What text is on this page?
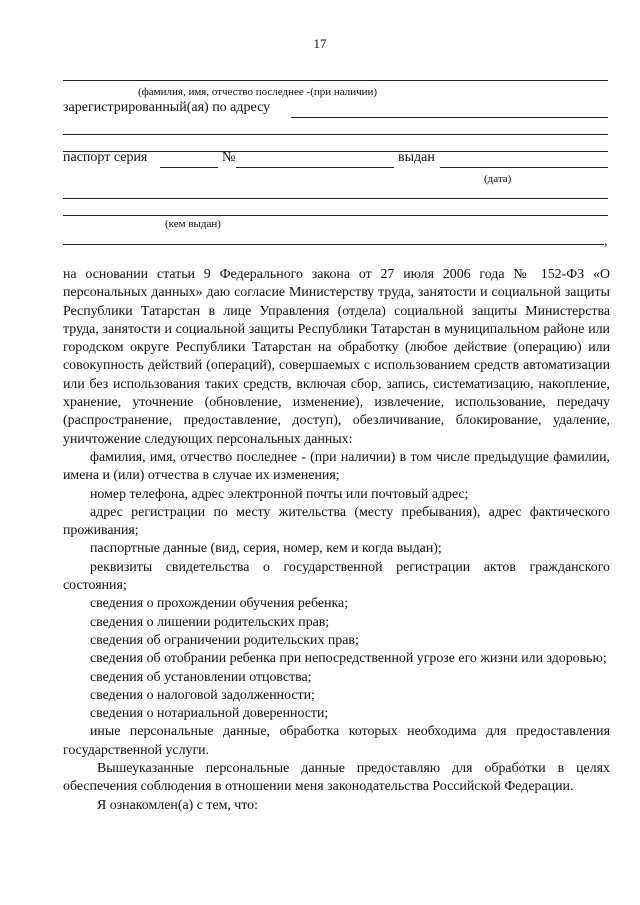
17
(фамилия, имя, отчество последнее -(при наличии)
зарегистрированный(ая) по адресу
паспорт серия	№	выдан
(дата)
(кем выдан)
,

на основании статьи 9 Федерального закона от 27 июля 2006 года № 152-ФЗ «О персональных данных» даю согласие Министерству труда, занятости и социальной защиты Республики Татарстан в лице Управления (отдела) социальной защиты Министерства труда, занятости и социальной защиты Республики Татарстан в муниципальном районе или городском округе Республики Татарстан на обработку (любое действие (операцию) или совокупность действий (операций), совершаемых с использованием средств автоматизации или без использования таких средств, включая сбор, запись, систематизацию, накопление, хранение, уточнение (обновление, изменение), извлечение, использование, передачу (распространение, предоставление, доступ), обезличивание, блокирование, удаление, уничтожение следующих персональных данных:

фамилия, имя, отчество последнее - (при наличии) в том числе предыдущие фамилии, имена и (или) отчества в случае их изменения;

номер телефона, адрес электронной почты или почтовый адрес;

адрес регистрации по месту жительства (месту пребывания), адрес фактического проживания;

паспортные данные (вид, серия, номер, кем и когда выдан);

реквизиты свидетельства о государственной регистрации актов гражданского состояния;

сведения о прохождении обучения ребенка;

сведения о лишении родительских прав;

сведения об ограничении родительских прав;

сведения об отобрании ребенка при непосредственной угрозе его жизни или здоровью;

сведения об установлении отцовства;

сведения о налоговой задолженности;

сведения о нотариальной доверенности;

иные персональные данные, обработка которых необходима для предоставления государственной услуги.

Вышеуказанные персональные данные предоставляю для обработки в целях обеспечения соблюдения в отношении меня законодательства Российской Федерации.

Я ознакомлен(а) с тем, что:
